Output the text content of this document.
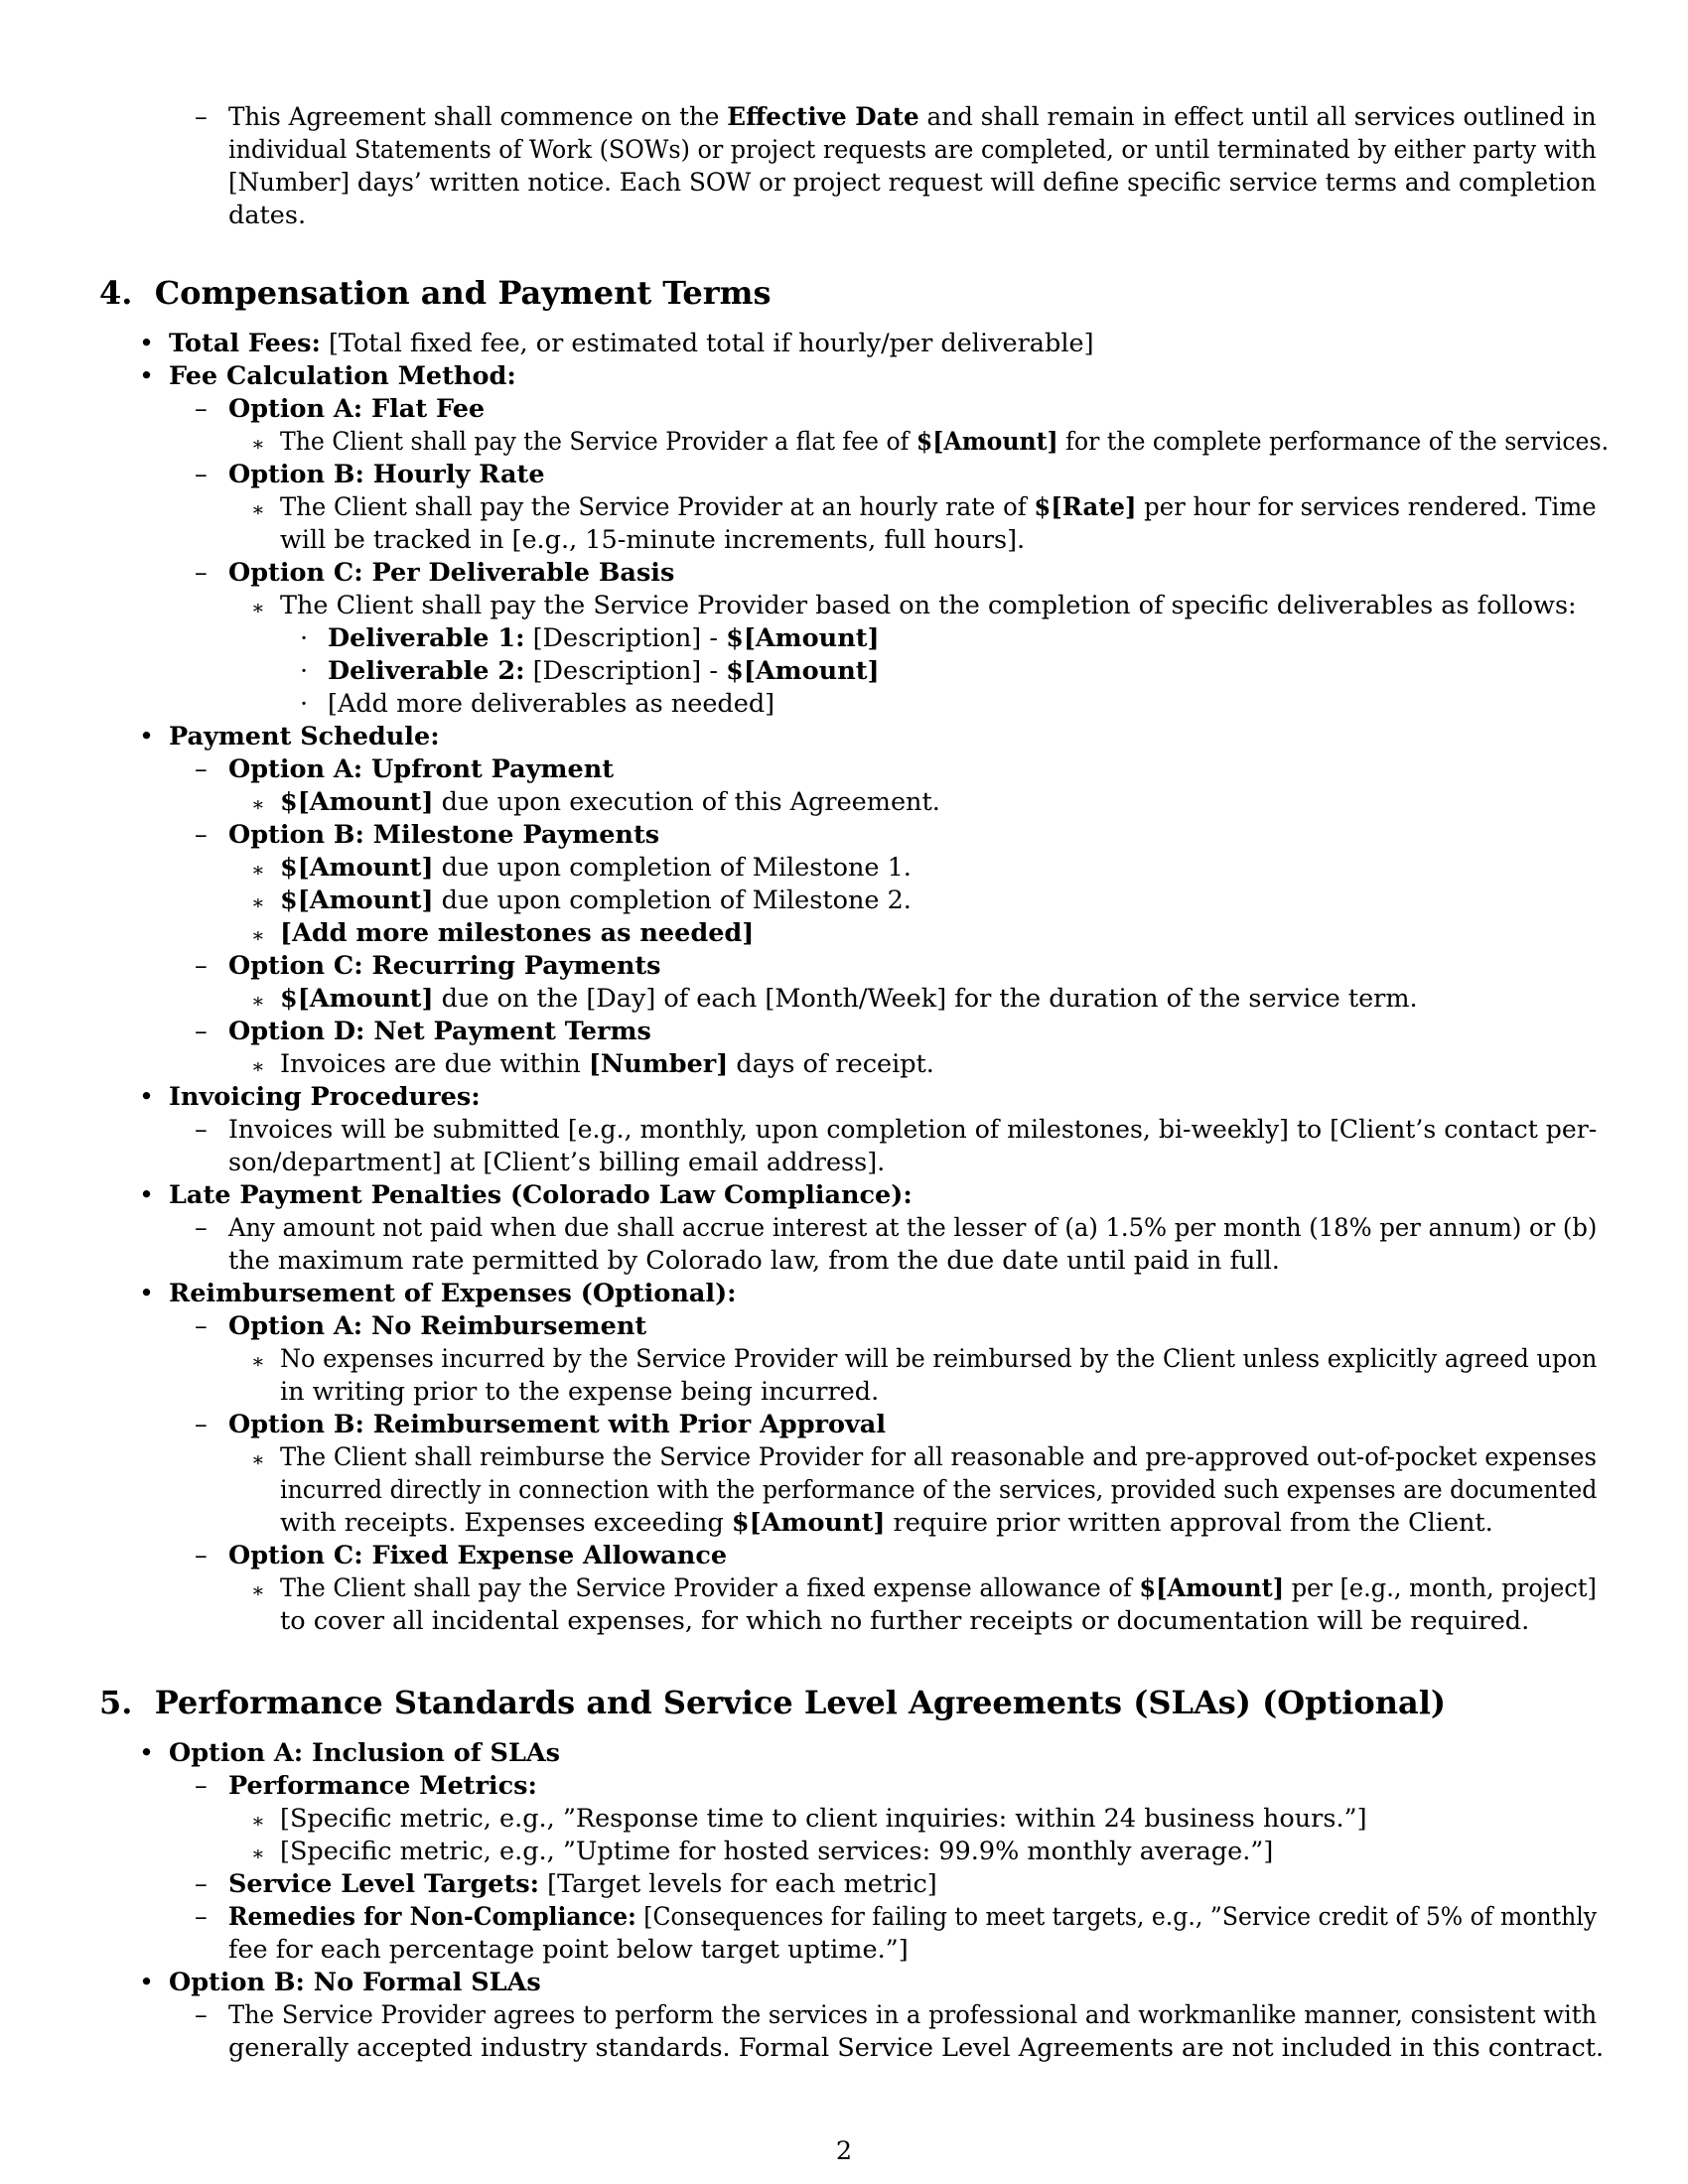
– This Agreement shall commence on the Effective Date and shall remain in effect until all services outlined in
individual Statements of Work (SOWs) or project requests are completed, or until terminated by either party with
[Number] days’ written notice. Each SOW or project request will define specific service terms and completion
dates.
4. Compensation and Payment Terms
• Total Fees: [Total fixed fee, or estimated total if hourly/per deliverable]
• Fee Calculation Method:
– Option A: Flat Fee
∗ The Client shall pay the Service Provider a flat fee of $[Amount] for the complete performance of the services.
– Option B: Hourly Rate
∗ The Client shall pay the Service Provider at an hourly rate of $[Rate] per hour for services rendered. Time
will be tracked in [e.g., 15-minute increments, full hours].
– Option C: Per Deliverable Basis
∗ The Client shall pay the Service Provider based on the completion of specific deliverables as follows:
· Deliverable 1: [Description] - $[Amount]
· Deliverable 2: [Description] - $[Amount]
· [Add more deliverables as needed]
• Payment Schedule:
– Option A: Upfront Payment
∗ $[Amount] due upon execution of this Agreement.
– Option B: Milestone Payments
∗ $[Amount] due upon completion of Milestone 1.
∗ $[Amount] due upon completion of Milestone 2.
∗ [Add more milestones as needed]
– Option C: Recurring Payments
∗ $[Amount] due on the [Day] of each [Month/Week] for the duration of the service term.
– Option D: Net Payment Terms
∗ Invoices are due within [Number] days of receipt.
• Invoicing Procedures:
– Invoices will be submitted [e.g., monthly, upon completion of milestones, bi-weekly] to [Client’s contact per-
son/department] at [Client’s billing email address].
• Late Payment Penalties (Colorado Law Compliance):
– Any amount not paid when due shall accrue interest at the lesser of (a) 1.5% per month (18% per annum) or (b)
the maximum rate permitted by Colorado law, from the due date until paid in full.
• Reimbursement of Expenses (Optional):
– Option A: No Reimbursement
∗ No expenses incurred by the Service Provider will be reimbursed by the Client unless explicitly agreed upon
in writing prior to the expense being incurred.
– Option B: Reimbursement with Prior Approval
∗ The Client shall reimburse the Service Provider for all reasonable and pre-approved out-of-pocket expenses
incurred directly in connection with the performance of the services, provided such expenses are documented
with receipts. Expenses exceeding $[Amount] require prior written approval from the Client.
– Option C: Fixed Expense Allowance
∗ The Client shall pay the Service Provider a fixed expense allowance of $[Amount] per [e.g., month, project]
to cover all incidental expenses, for which no further receipts or documentation will be required.
5. Performance Standards and Service Level Agreements (SLAs) (Optional)
• Option A: Inclusion of SLAs
– Performance Metrics:
∗ [Specific metric, e.g., ”Response time to client inquiries: within 24 business hours.”]
∗ [Specific metric, e.g., ”Uptime for hosted services: 99.9% monthly average.”]
– Service Level Targets: [Target levels for each metric]
– Remedies for Non-Compliance: [Consequences for failing to meet targets, e.g., ”Service credit of 5% of monthly
fee for each percentage point below target uptime.”]
• Option B: No Formal SLAs
– The Service Provider agrees to perform the services in a professional and workmanlike manner, consistent with
generally accepted industry standards. Formal Service Level Agreements are not included in this contract.
2
